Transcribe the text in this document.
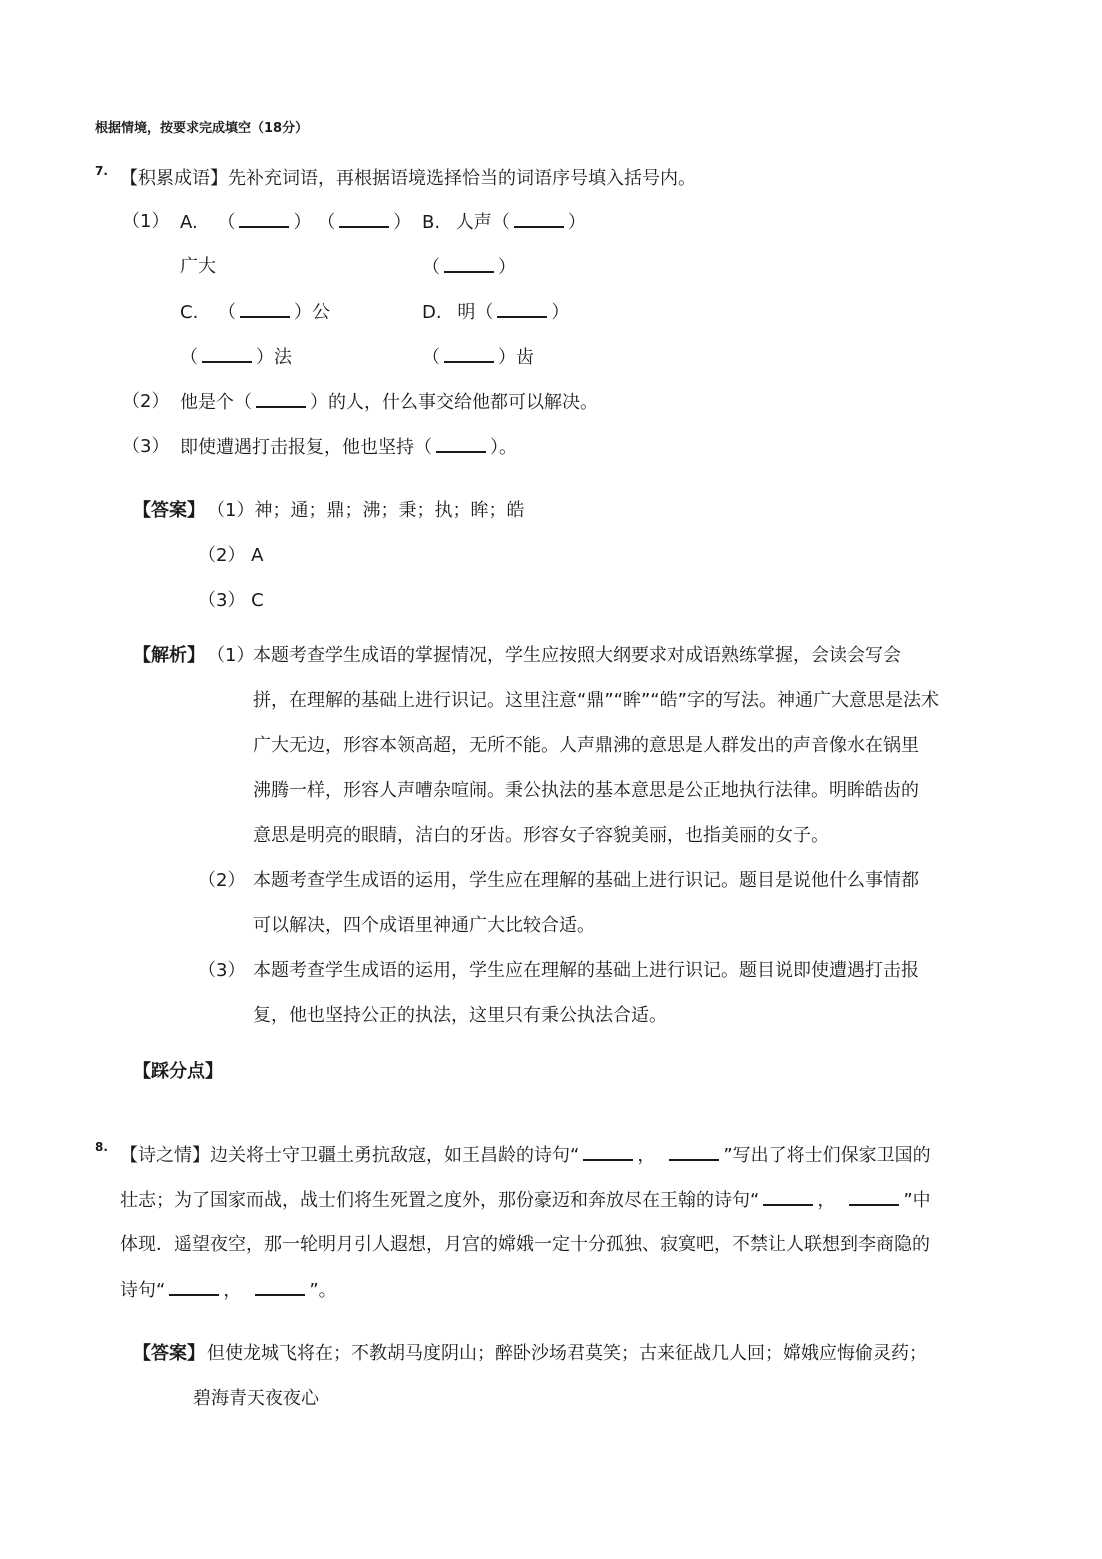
根据情境，按要求完成填空（18分）
7. 【积累成语】先补充词语，再根据语境选择恰当的词语序号填入括号内。
（1） A. （	） （	） B. 人声（	）
广大	（	）
C. （	）公	D. 明（	）
（	）法	（	）齿
（2） 他是个（	）的人，什么事交给他都可以解决。
（3） 即使遭遇打击报复，他也坚持（	）。
【答案】 （1）神；通；鼎；沸；秉；执；眸；皓
（2） A
（3） C
【解析】 （1）
本题考查学生成语的掌握情况，学生应按照大纲要求对成语熟练掌握，会读会写会
拼，在理解的基础上进行识记。这里注意“鼎”“眸”“皓”字的写法。神通广大意思是法术
广大无边，形容本领高超，无所不能。人声鼎沸的意思是人群发出的声音像水在锅里
沸腾一样，形容人声嘈杂喧闹。秉公执法的基本意思是公正地执行法律。明眸皓齿的
意思是明亮的眼睛，洁白的牙齿。形容女子容貌美丽，也指美丽的女子。
（2） 本题考查学生成语的运用，学生应在理解的基础上进行识记。题目是说他什么事情都
可以解决，四个成语里神通广大比较合适。
（3） 本题考查学生成语的运用，学生应在理解的基础上进行识记。题目说即使遭遇打击报
复，他也坚持公正的执法，这里只有秉公执法合适。
【踩分点】
8. 【诗之情】边关将士守卫疆土勇抗敌寇，如王昌龄的诗句“	，	”写出了将士们保家卫国的
壮志；为了国家而战，战士们将生死置之度外，那份豪迈和奔放尽在王翰的诗句“	，	”中
体现．遥望夜空，那一轮明月引人遐想，月宫的嫦娥一定十分孤独、寂寞吧，不禁让人联想到李商隐的
诗句“	，	”。
【答案】 但使龙城飞将在；不教胡马度阴山；醉卧沙场君莫笑；古来征战几人回；嫦娥应悔偷灵药；
碧海青天夜夜心
